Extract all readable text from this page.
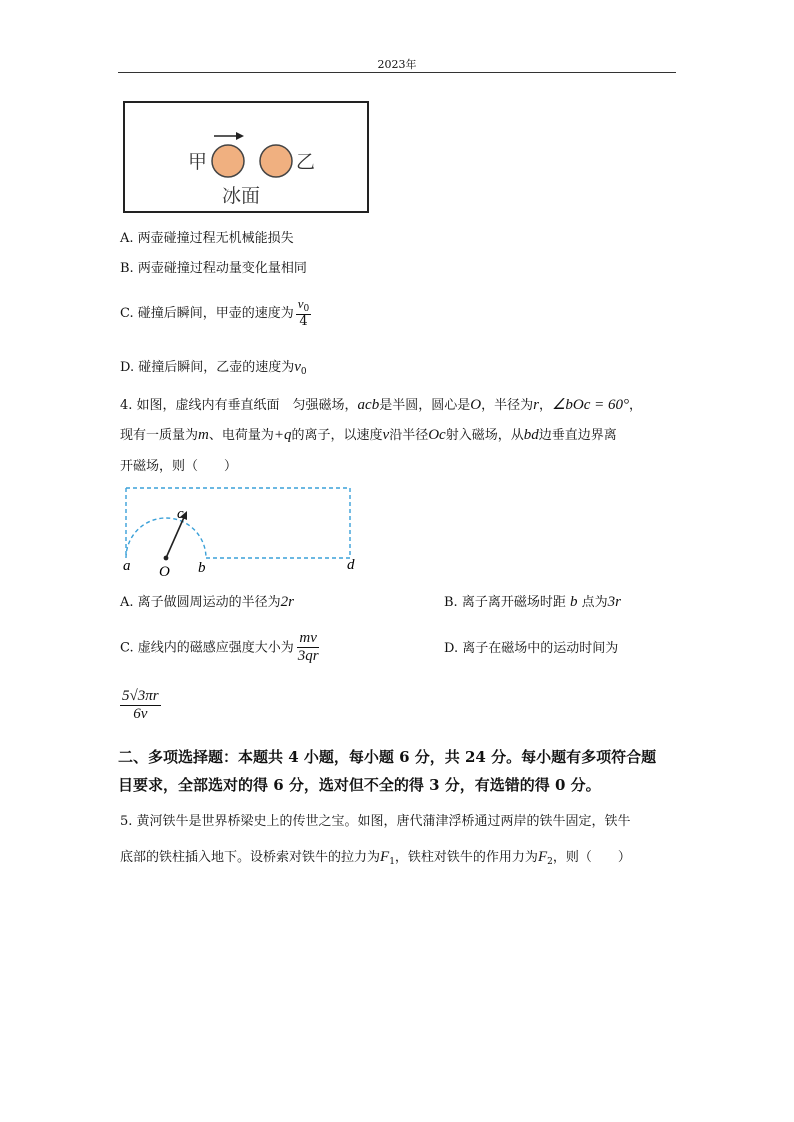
2023年
甲	乙
冰面
A. 两壶碰撞过程无机械能损失
B. 两壶碰撞过程动量变化量相同
C. 碰撞后瞬间，甲壶的速度为 $\frac{v_0}{4}$
D. 碰撞后瞬间，乙壶的速度为$v_0$
4. 如图，虚线内有垂直纸面　匀强磁场，acb是半圆，圆心是O，半径为r，∠bOc = 60°，
现有一质量为m、电荷量为+q的离子，以速度v沿半径Oc射入磁场，从bd边垂直边界离
开磁场，则（　　）
a	b
c
d
O
A. 离子做圆周运动的半径为2r	B. 离子离开磁场时距 b 点为3r
C. 虚线内的磁感应强度大小为 $\frac{mv}{3qr}$	D. 离子在磁场中的运动时间为
$\frac{5√3\pi r}{6v}$
二、多项选择题：本题共 4 小题，每小题 6 分，共 24 分。每小题有多项符合题
目要求，全部选对的得 6 分，选对但不全的得 3 分，有选错的得 0 分。
5. 黄河铁牛是世界桥梁史上的传世之宝。如图，唐代蒲津浮桥通过两岸的铁牛固定，铁牛
底部的铁柱插入地下。设桥索对铁牛的拉力为$F_1$，铁柱对铁牛的作用力为$F_2$，则（　　）
